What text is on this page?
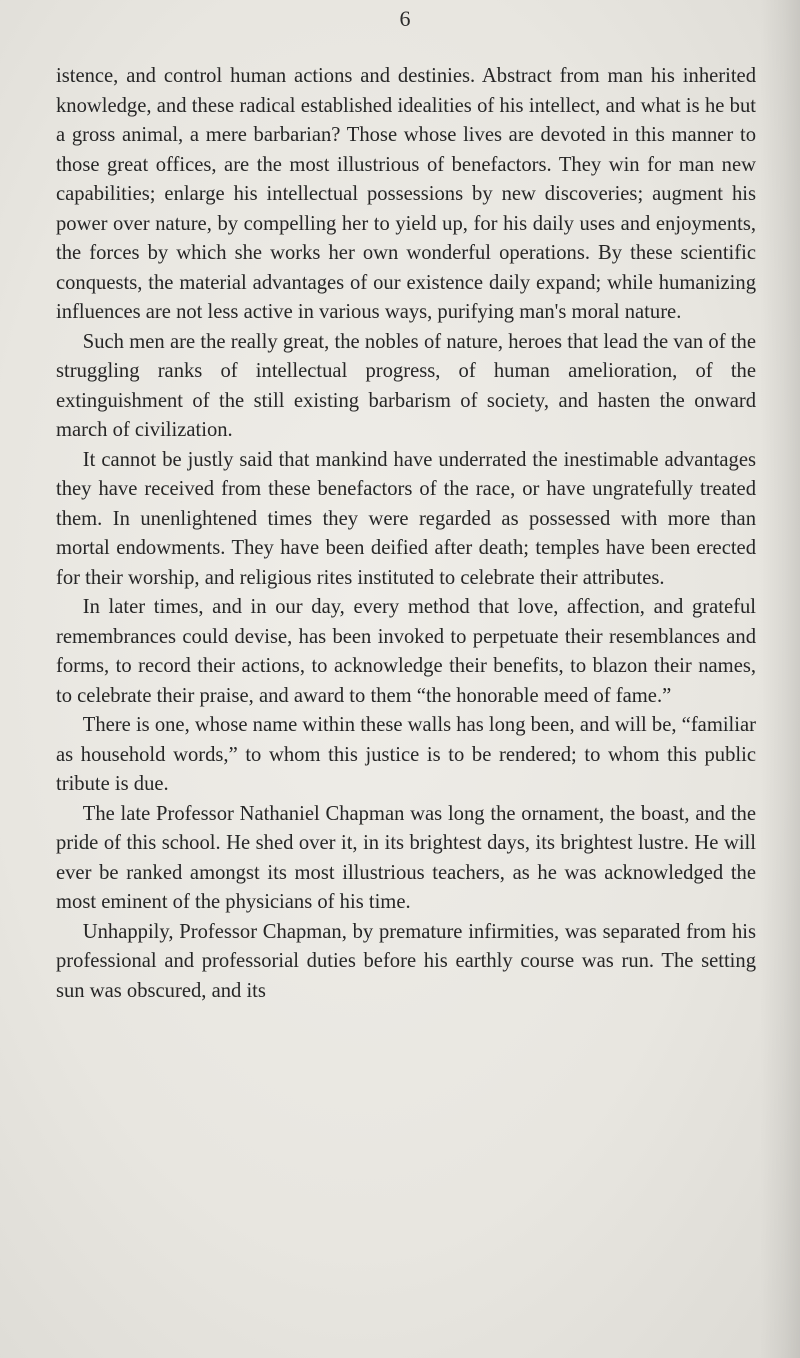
6

istence, and control human actions and destinies. Abstract from man his inherited knowledge, and these radical established idealities of his intellect, and what is he but a gross animal, a mere barbarian? Those whose lives are devoted in this manner to those great offices, are the most illustrious of benefactors. They win for man new capabilities; enlarge his intellectual possessions by new discoveries; augment his power over nature, by compelling her to yield up, for his daily uses and enjoyments, the forces by which she works her own wonderful operations. By these scientific conquests, the material advantages of our existence daily expand; while humanizing influences are not less active in various ways, purifying man's moral nature.

Such men are the really great, the nobles of nature, heroes that lead the van of the struggling ranks of intellectual progress, of human amelioration, of the extinguishment of the still existing barbarism of society, and hasten the onward march of civilization.

It cannot be justly said that mankind have underrated the inestimable advantages they have received from these benefactors of the race, or have ungratefully treated them. In unenlightened times they were regarded as possessed with more than mortal endowments. They have been deified after death; temples have been erected for their worship, and religious rites instituted to celebrate their attributes.

In later times, and in our day, every method that love, affection, and grateful remembrances could devise, has been invoked to perpetuate their resemblances and forms, to record their actions, to acknowledge their benefits, to blazon their names, to celebrate their praise, and award to them “the honorable meed of fame.”

There is one, whose name within these walls has long been, and will be, “familiar as household words,” to whom this justice is to be rendered; to whom this public tribute is due.

The late Professor Nathaniel Chapman was long the ornament, the boast, and the pride of this school. He shed over it, in its brightest days, its brightest lustre. He will ever be ranked amongst its most illustrious teachers, as he was acknowledged the most eminent of the physicians of his time.

Unhappily, Professor Chapman, by premature infirmities, was separated from his professional and professorial duties before his earthly course was run. The setting sun was obscured, and its
